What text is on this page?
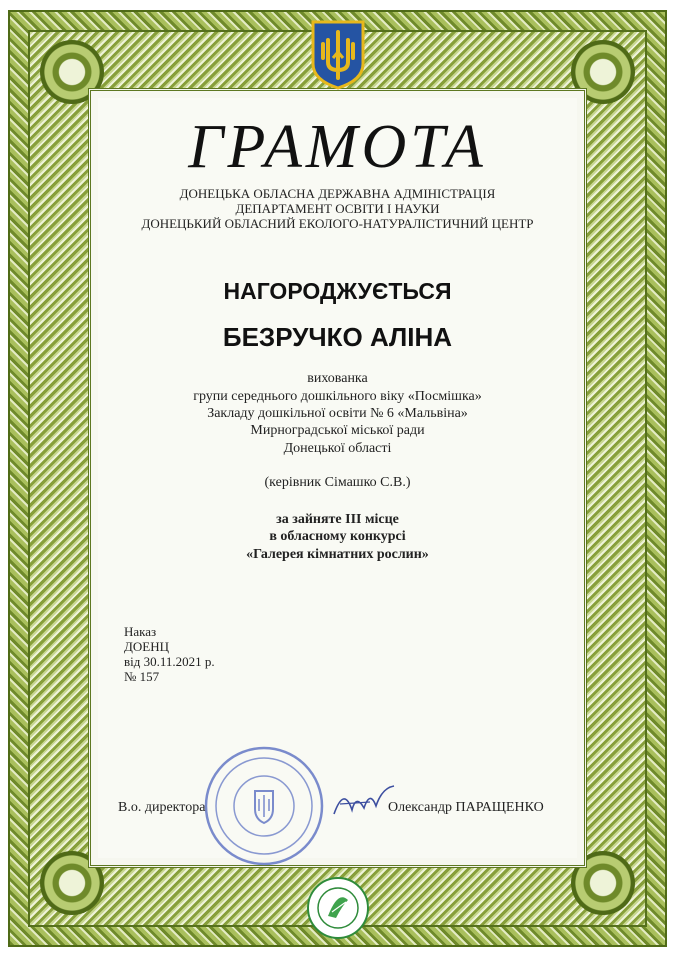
ГРАМОТА
ДОНЕЦЬКА ОБЛАСНА ДЕРЖАВНА АДМІНІСТРАЦІЯ
ДЕПАРТАМЕНТ ОСВІТИ І НАУКИ
ДОНЕЦЬКИЙ ОБЛАСНИЙ ЕКОЛОГО-НАТУРАЛІСТИЧНИЙ ЦЕНТР
НАГОРОДЖУЄТЬСЯ
БЕЗРУЧКО АЛІНА
вихованка
групи середнього дошкільного віку «Посмішка»
Закладу дошкільної освіти № 6 «Мальвіна»
Мирноградської міської ради
Донецької області
(керівник Сімашко С.В.)
за зайняте ІІІ місце
в обласному конкурсі
«Галерея кімнатних рослин»
Наказ
ДОЕНЦ
від 30.11.2021 р.
№ 157
В.о. директора	Олександр ПАРАЩЕНКО
